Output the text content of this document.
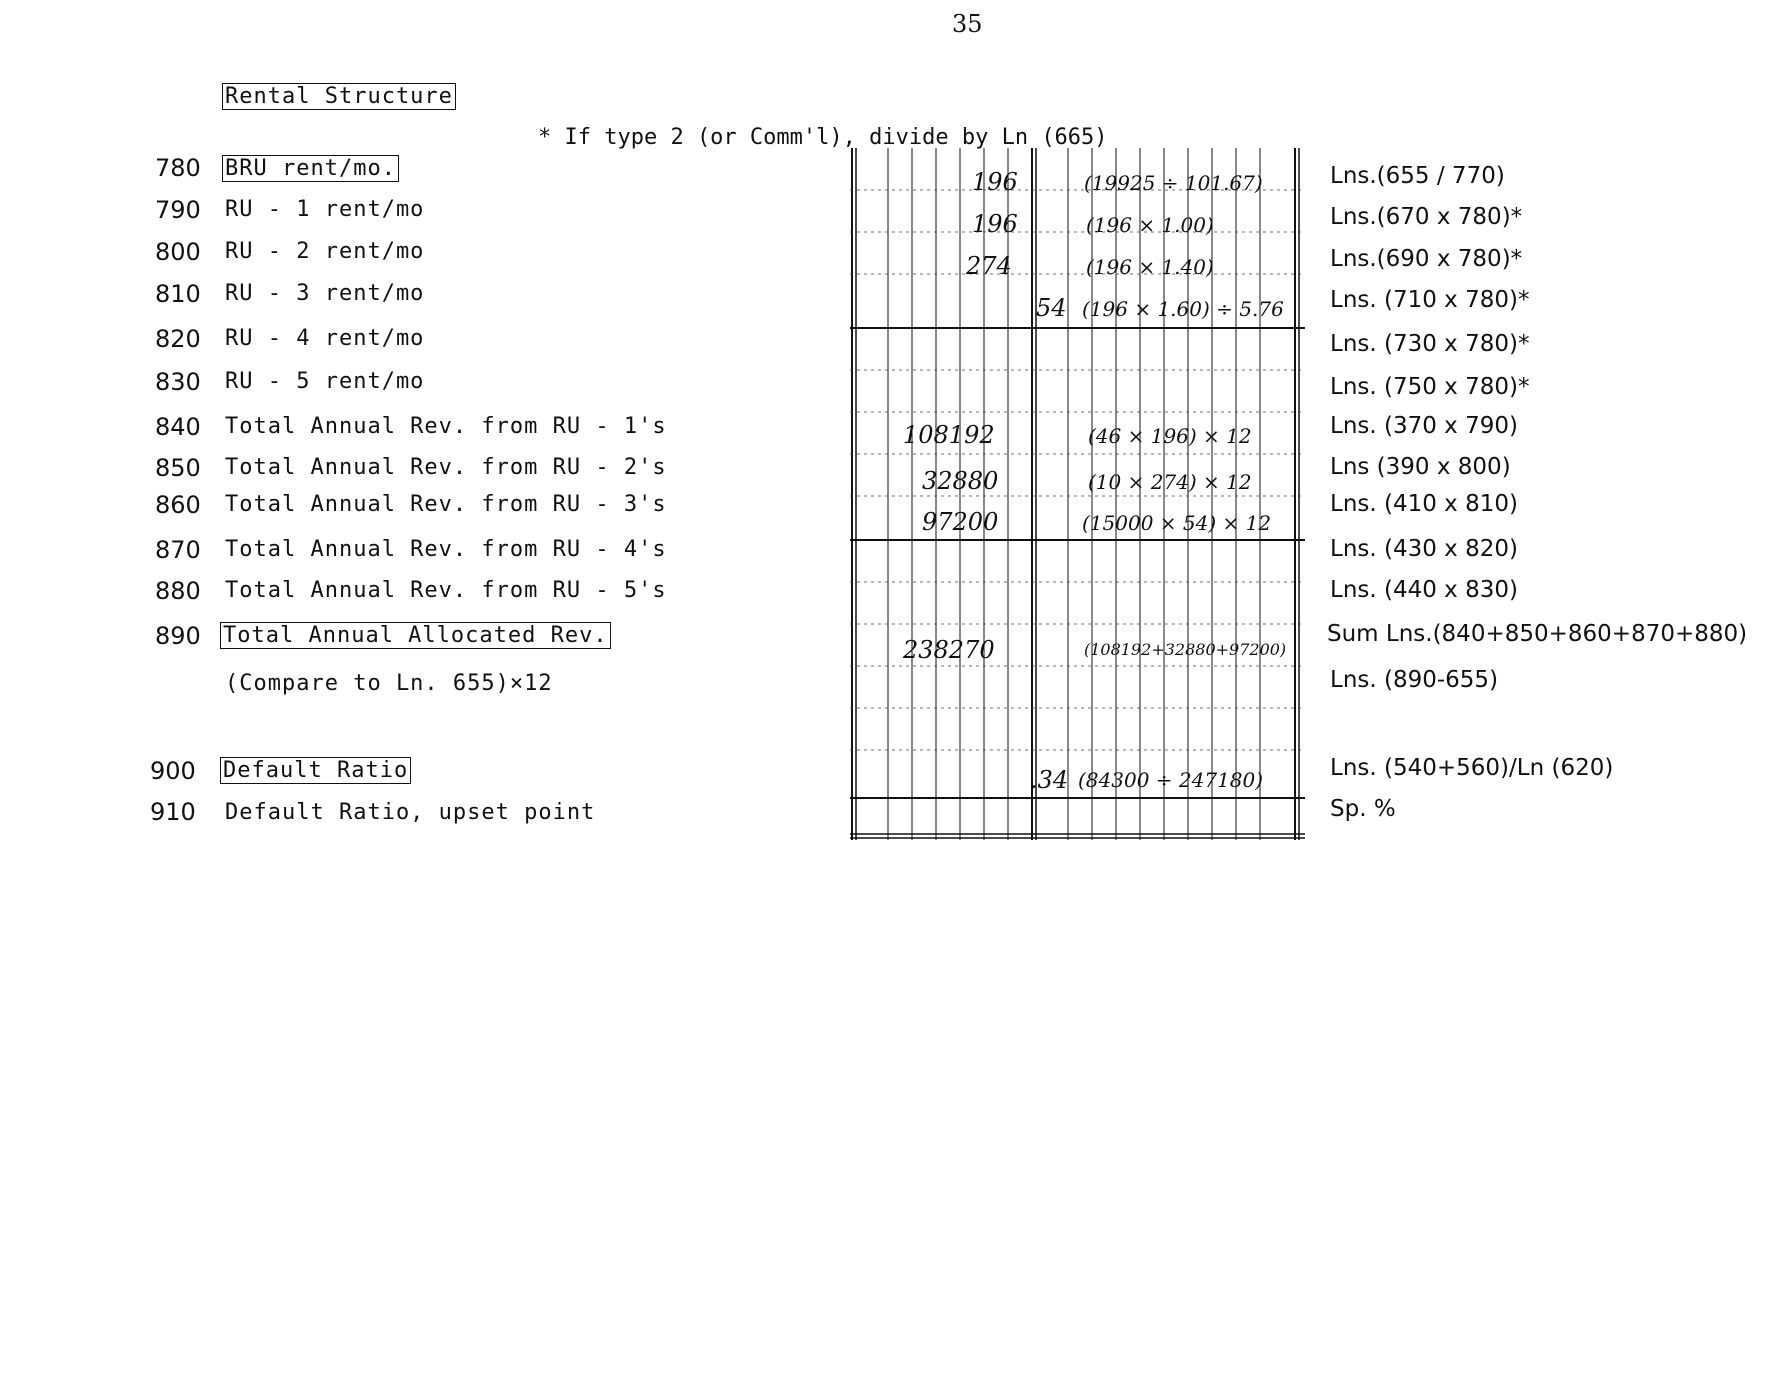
35
Rental Structure
* If type 2 (or Comm'l), divide by Ln (665)
780
790
800
810
820
830
840
850
860
870
880
890
900
910
BRU rent/mo.
RU - 1 rent/mo
RU - 2 rent/mo
RU - 3 rent/mo
RU - 4 rent/mo
RU - 5 rent/mo
Total Annual Rev. from RU - 1's
Total Annual Rev. from RU - 2's
Total Annual Rev. from RU - 3's
Total Annual Rev. from RU - 4's
Total Annual Rev. from RU - 5's
Total Annual Allocated Rev.
(Compare to Ln. 655)×12
Default Ratio
Default Ratio, upset point
196
196
274
54
108192
32880
97200
238270
.34
(19925 ÷ 101.67)
(196 × 1.00)
(196 × 1.40)
(196 × 1.60) ÷ 5.76
(46 × 196) × 12
(10 × 274) × 12
(15000 × 54) × 12
(108192+32880+97200)
(84300 ÷ 247180)
Lns.(655 / 770)
Lns.(670 x 780)*
Lns.(690 x 780)*
Lns. (710 x 780)*
Lns. (730 x 780)*
Lns. (750 x 780)*
Lns. (370 x 790)
Lns (390 x 800)
Lns. (410 x 810)
Lns. (430 x 820)
Lns. (440 x 830)
Sum Lns.(840+850+860+870+880)
Lns. (890-655)
Lns. (540+560)/Ln (620)
Sp. %
